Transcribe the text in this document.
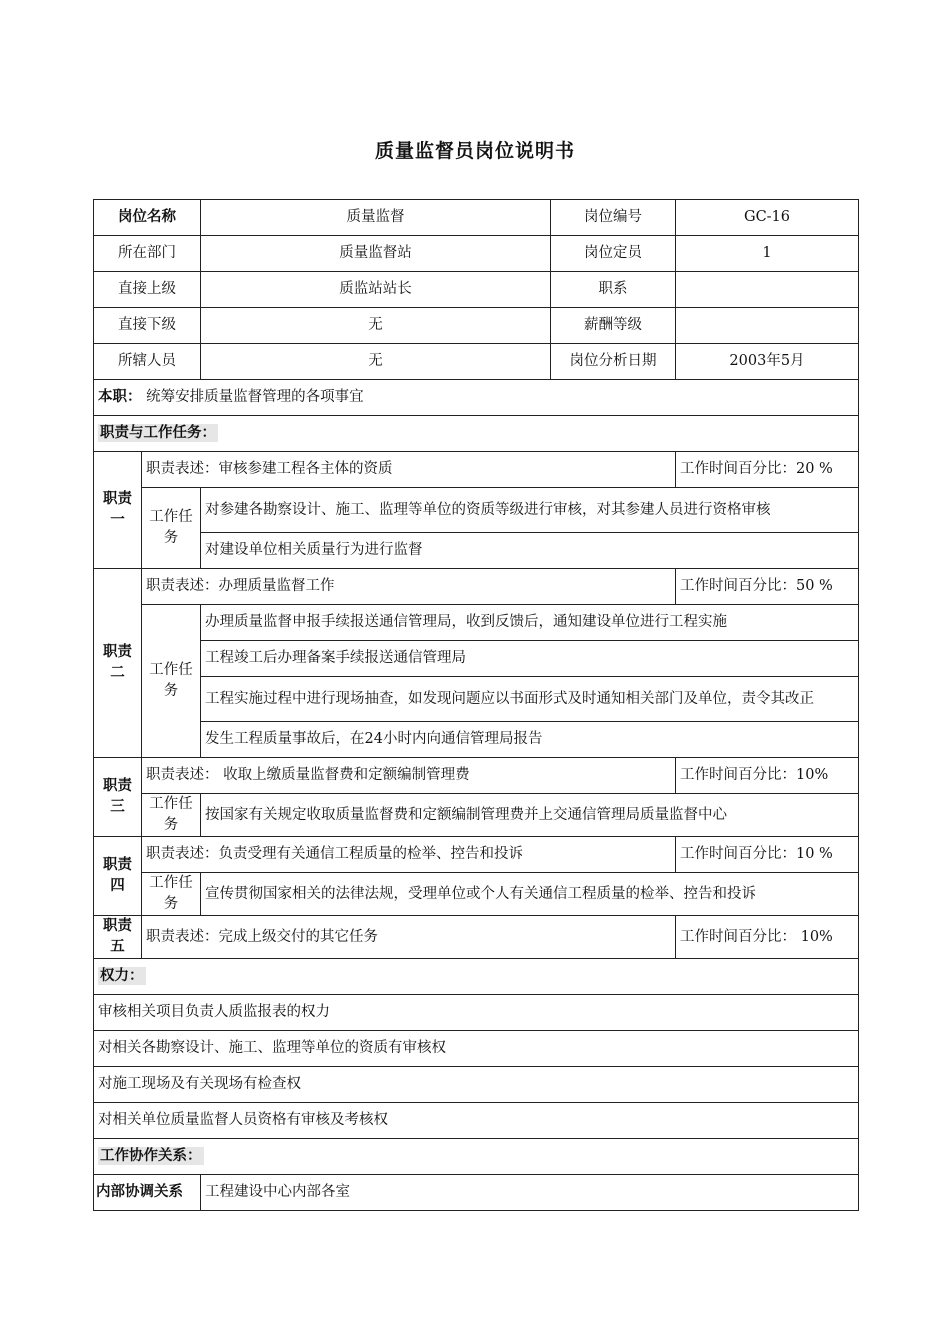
质量监督员岗位说明书
岗位名称		质量监督	岗位编号	GC-16
所在部门		质量监督站	岗位定员	1
直接上级		质监站站长	职系	
直接下级		无	薪酬等级	
所辖人员		无	岗位分析日期	2003年5月
本职： 统筹安排质量监督管理的各项事宜				
职责与工作任务：				
职责一	职责表述：审核参建工程各主体的资质			工作时间百分比：20 %
	工作任务	对参建各勘察设计、施工、监理等单位的资质等级进行审核，对其参建人员进行资格审核		
		对建设单位相关质量行为进行监督		
职责二	职责表述：办理质量监督工作			工作时间百分比：50 %
	工作任务	办理质量监督申报手续报送通信管理局，收到反馈后，通知建设单位进行工程实施		
		工程竣工后办理备案手续报送通信管理局		
		工程实施过程中进行现场抽查，如发现问题应以书面形式及时通知相关部门及单位，责令其改正		
		发生工程质量事故后，在24小时内向通信管理局报告		
职责三	职责表述： 收取上缴质量监督费和定额编制管理费			工作时间百分比：10%
	工作任务	按国家有关规定收取质量监督费和定额编制管理费并上交通信管理局质量监督中心		
职责四	职责表述：负责受理有关通信工程质量的检举、控告和投诉			工作时间百分比：10 %
	工作任务	宣传贯彻国家相关的法律法规，受理单位或个人有关通信工程质量的检举、控告和投诉		
职责五	职责表述：完成上级交付的其它任务			工作时间百分比： 10%
权力：				
审核相关项目负责人质监报表的权力				
对相关各勘察设计、施工、监理等单位的资质有审核权				
对施工现场及有关现场有检查权				
对相关单位质量监督人员资格有审核及考核权				
工作协作关系：				
内部协调关系		工程建设中心内部各室		
